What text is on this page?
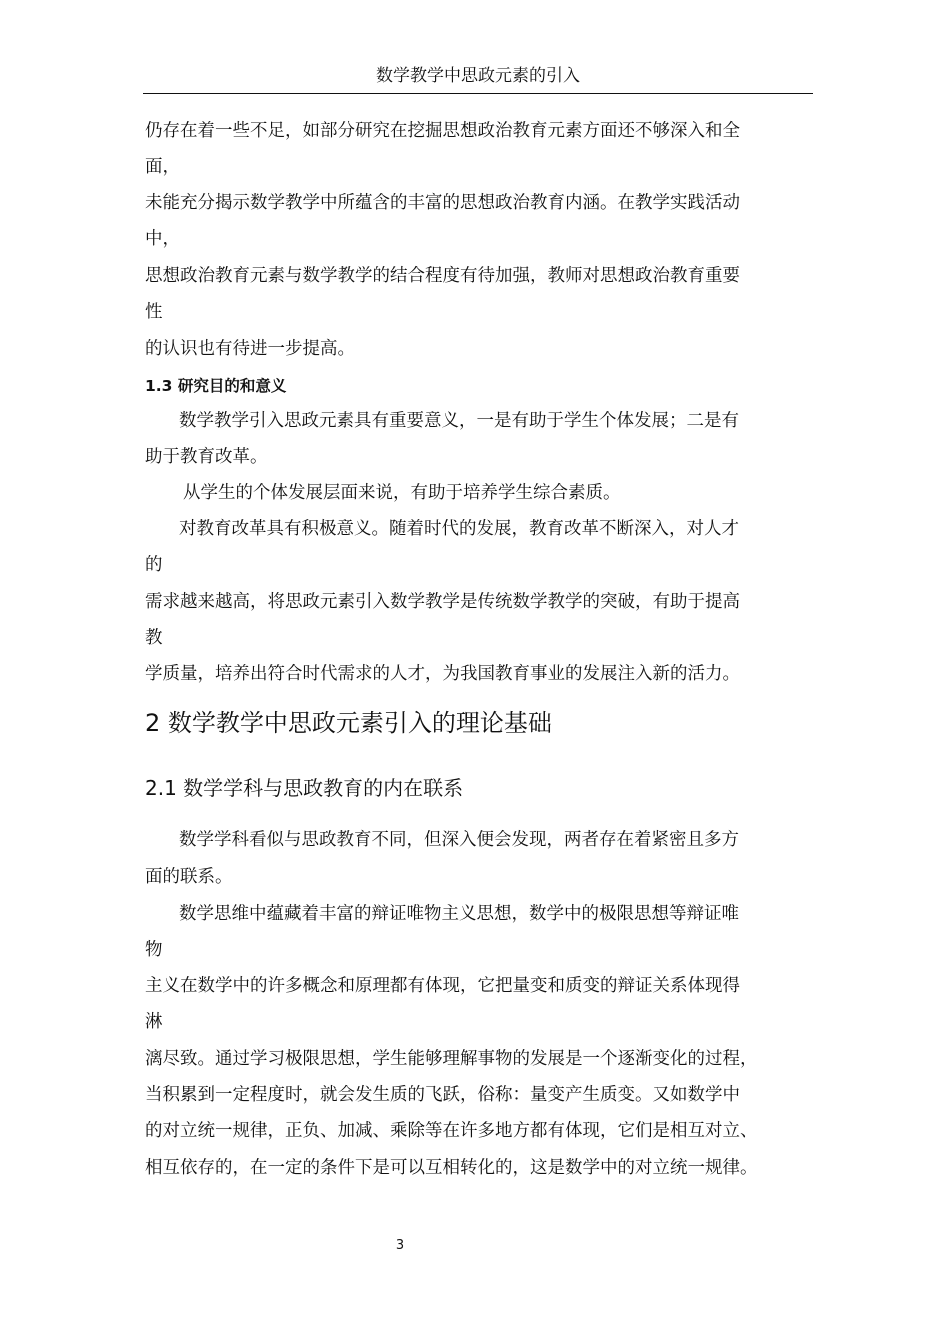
数学教学中思政元素的引入
仍存在着一些不足，如部分研究在挖掘思想政治教育元素方面还不够深入和全
面，
未能充分揭示数学教学中所蕴含的丰富的思想政治教育内涵。在教学实践活动
中，
思想政治教育元素与数学教学的结合程度有待加强，教师对思想政治教育重要
性
的认识也有待进一步提高。
1.3 研究目的和意义
数学教学引入思政元素具有重要意义，一是有助于学生个体发展；二是有
助于教育改革。
从学生的个体发展层面来说，有助于培养学生综合素质。
对教育改革具有积极意义。随着时代的发展，教育改革不断深入，对人才
的
需求越来越高，将思政元素引入数学教学是传统数学教学的突破，有助于提高
教
学质量，培养出符合时代需求的人才，为我国教育事业的发展注入新的活力。
2 数学教学中思政元素引入的理论基础
2.1 数学学科与思政教育的内在联系
数学学科看似与思政教育不同，但深入便会发现，两者存在着紧密且多方
面的联系。
数学思维中蕴藏着丰富的辩证唯物主义思想，数学中的极限思想等辩证唯
物
主义在数学中的许多概念和原理都有体现，它把量变和质变的辩证关系体现得
淋
漓尽致。通过学习极限思想，学生能够理解事物的发展是一个逐渐变化的过程，
当积累到一定程度时，就会发生质的飞跃，俗称：量变产生质变。又如数学中
的对立统一规律，正负、加减、乘除等在许多地方都有体现，它们是相互对立、
相互依存的，在一定的条件下是可以互相转化的，这是数学中的对立统一规律。
3
